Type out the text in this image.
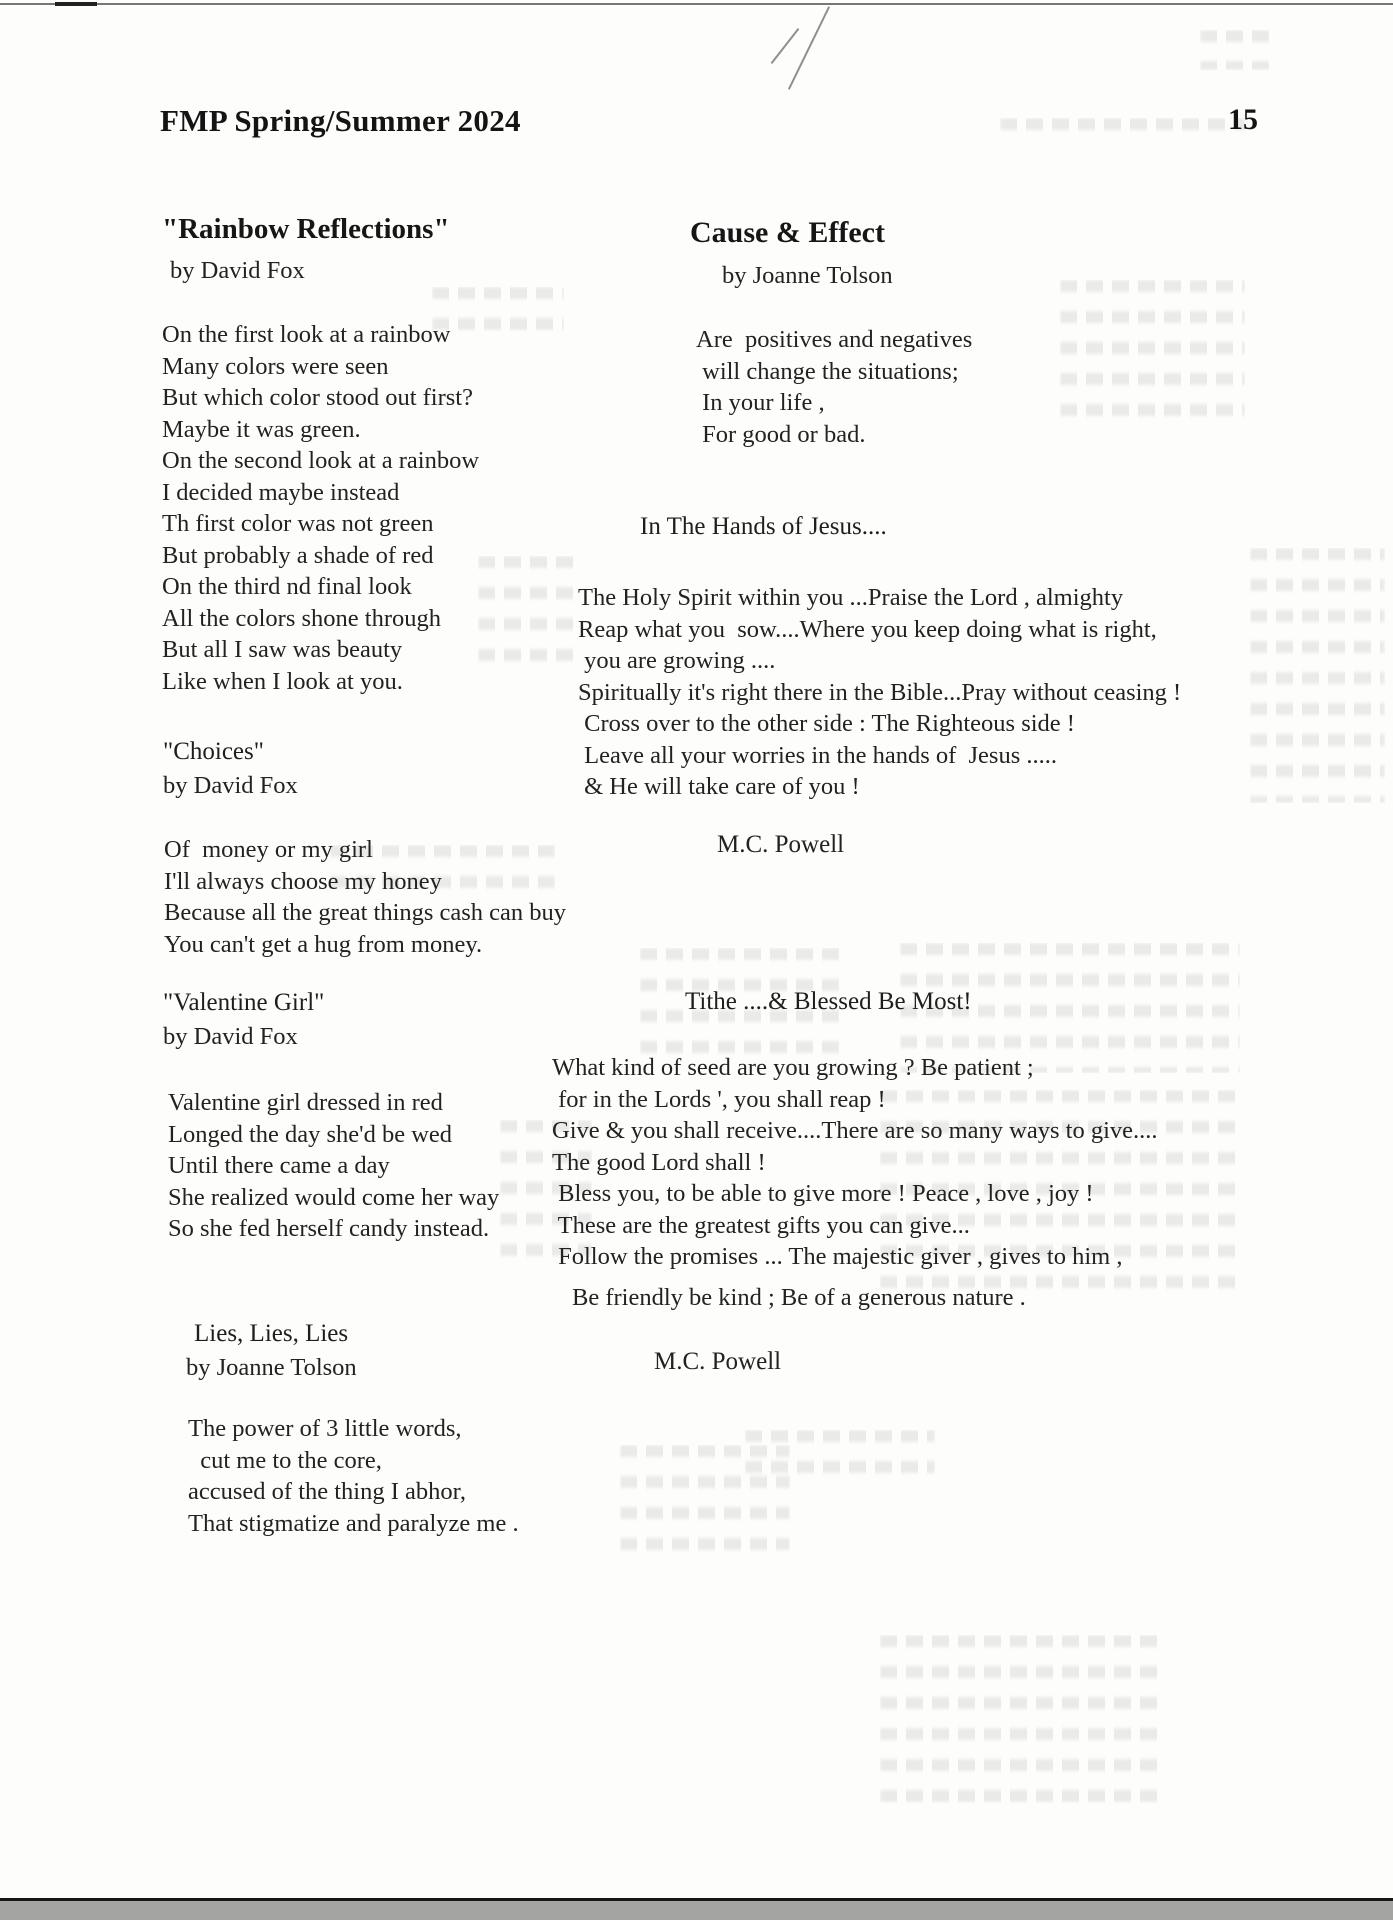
FMP Spring/Summer 2024	15
"Rainbow Reflections"
by David Fox
On the first look at a rainbow
Many colors were seen
But which color stood out first?
Maybe it was green.
On the second look at a rainbow
I decided maybe instead
Th first color was not green
But probably a shade of red
On the third nd final look
All the colors shone through
But all I saw was beauty
Like when I look at you.
"Choices"
by David Fox
Of  money or my girl
I'll always choose my honey
Because all the great things cash can buy
You can't get a hug from money.
"Valentine Girl"
by David Fox
Valentine girl dressed in red
Longed the day she'd be wed
Until there came a day
She realized would come her way
So she fed herself candy instead.
Lies, Lies, Lies
by Joanne Tolson
The power of 3 little words,
cut me to the core,
accused of the thing I abhor,
That stigmatize and paralyze me .
Cause & Effect
by Joanne Tolson
Are  positives and negatives
will change the situations;
In your life ,
For good or bad.
In The Hands of Jesus....
The Holy Spirit within you ...Praise the Lord , almighty
Reap what you  sow....Where you keep doing what is right,
you are growing ....
Spiritually it's right there in the Bible...Pray without ceasing !
Cross over to the other side : The Righteous side !
Leave all your worries in the hands of  Jesus .....
& He will take care of you !
M.C. Powell
Tithe ....& Blessed Be Most!
What kind of seed are you growing ? Be patient ;
for in the Lords ', you shall reap !
Give & you shall receive....There are so many ways to give....
The good Lord shall !
Bless you, to be able to give more ! Peace , love , joy !
These are the greatest gifts you can give...
Follow the promises ... The majestic giver , gives to him ,
Be friendly be kind ; Be of a generous nature .
M.C. Powell
